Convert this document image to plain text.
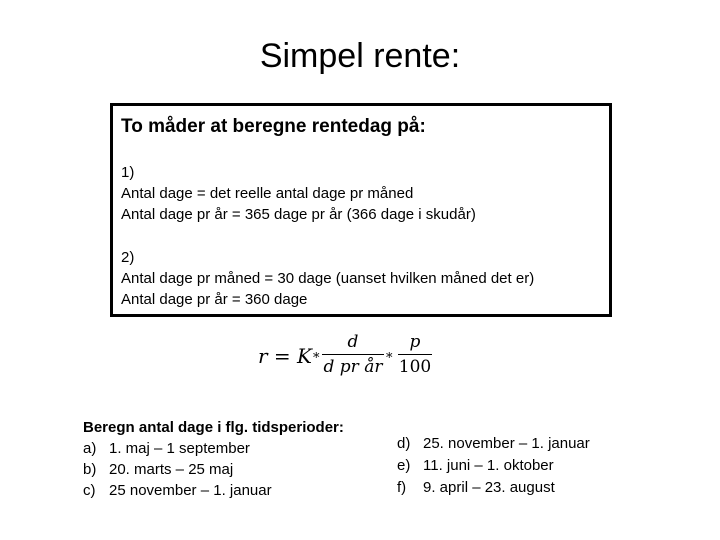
Simpel rente:
To måder at beregne rentedag på:
1)
Antal dage = det reelle antal dage pr måned
Antal dage pr år = 365 dage pr år (366 dage i skudår)
2)
Antal dage pr måned = 30 dage (uanset hvilken måned det er)
Antal dage pr år = 360 dage
r = K *
d
d pr år *
p
100
Beregn antal dage i flg. tidsperioder:
a) 1. maj – 1 september
b) 20. marts – 25 maj
c) 25 november – 1. januar
d) 25. november – 1. januar
e) 11. juni – 1. oktober
f) 9. april – 23. august
